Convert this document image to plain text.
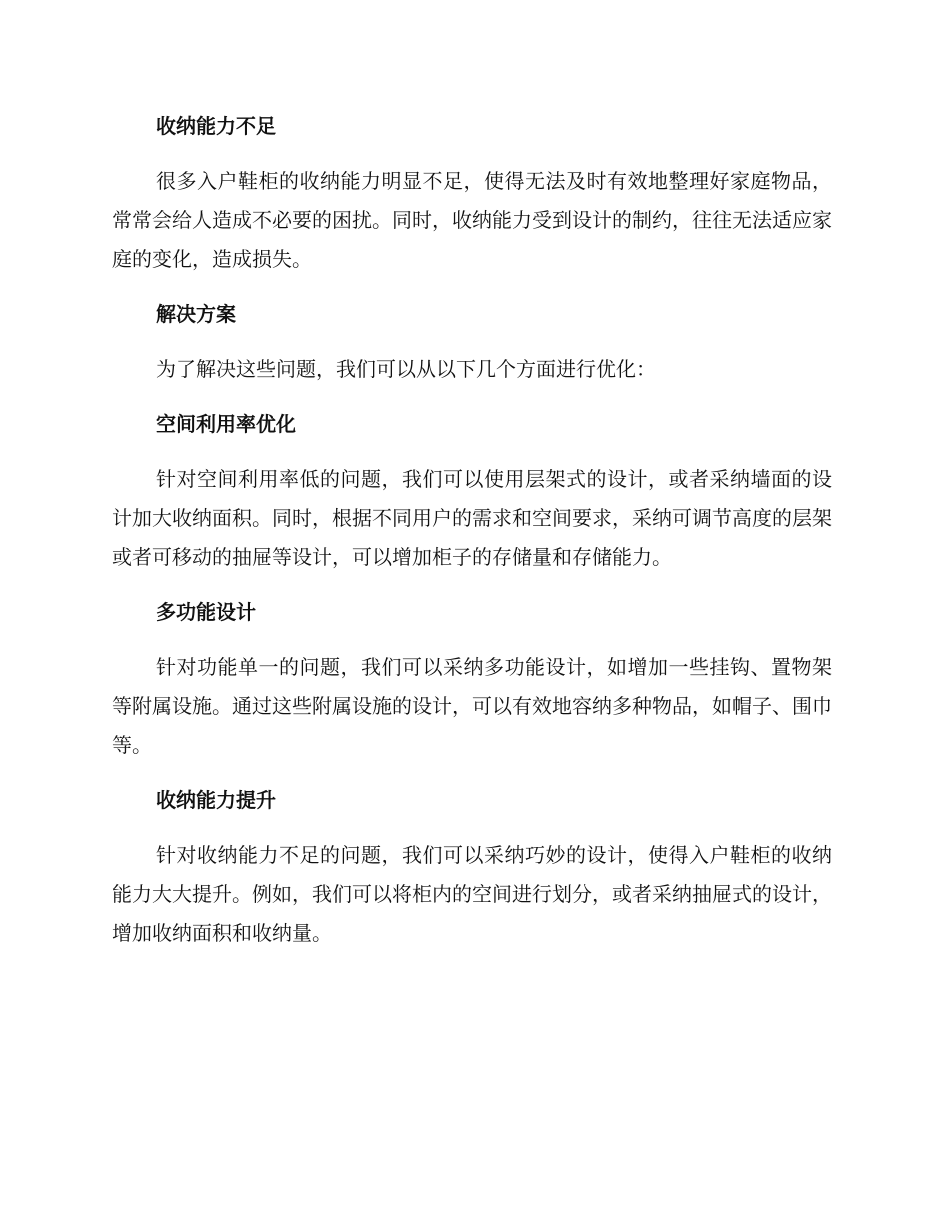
收纳能力不足
很多入户鞋柜的收纳能力明显不足，使得无法及时有效地整理好家庭物品，常常会给人造成不必要的困扰。同时，收纳能力受到设计的制约，往往无法适应家庭的变化，造成损失。
解决方案
为了解决这些问题，我们可以从以下几个方面进行优化：
空间利用率优化
针对空间利用率低的问题，我们可以使用层架式的设计，或者采纳墙面的设计加大收纳面积。同时，根据不同用户的需求和空间要求，采纳可调节高度的层架或者可移动的抽屉等设计，可以增加柜子的存储量和存储能力。
多功能设计
针对功能单一的问题，我们可以采纳多功能设计，如增加一些挂钩、置物架等附属设施。通过这些附属设施的设计，可以有效地容纳多种物品，如帽子、围巾等。
收纳能力提升
针对收纳能力不足的问题，我们可以采纳巧妙的设计，使得入户鞋柜的收纳能力大大提升。例如，我们可以将柜内的空间进行划分，或者采纳抽屉式的设计，增加收纳面积和收纳量。
